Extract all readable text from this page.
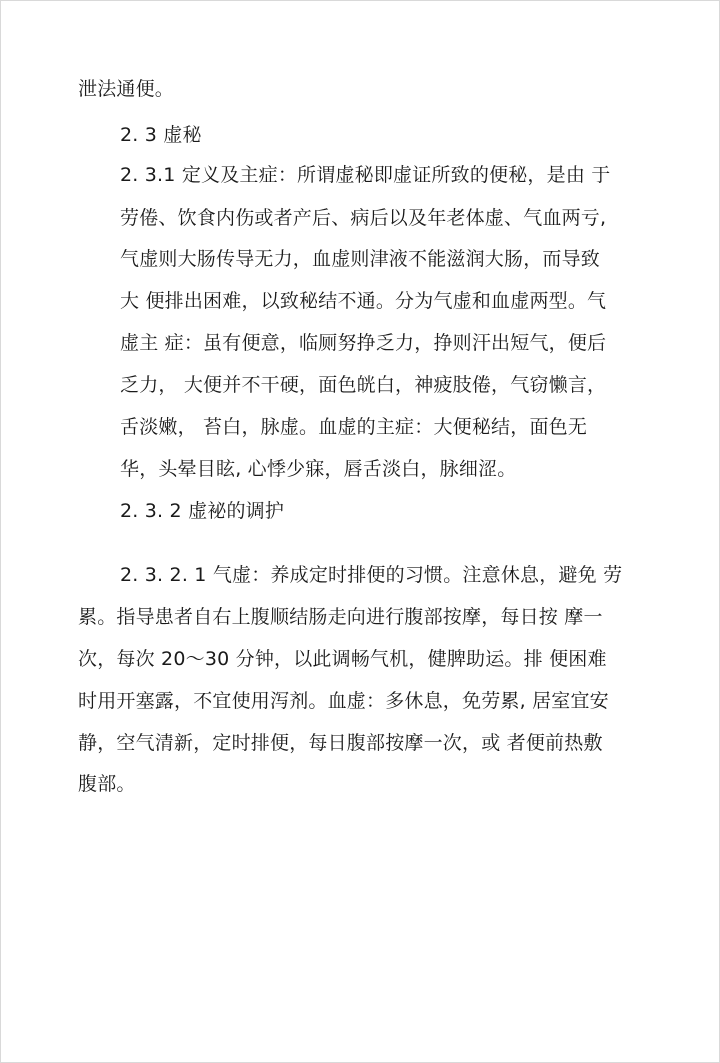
泄法通便。
2. 3 虚秘
2. 3.1 定义及主症：所谓虚秘即虚证所致的便秘，是由 于
劳倦、饮食内伤或者产后、病后以及年老体虚、气血两亏,
气虚则大肠传导无力，血虚则津液不能滋润大肠，而导致
大 便排出困难，以致秘结不通。分为气虚和血虚两型。气
虚主 症：虽有便意，临厕努挣乏力，挣则汗出短气，便后
乏力， 大便并不干硬，面色㿠白，神疲肢倦，气窃懒言，
舌淡嫩， 苔白，脉虚。血虚的主症：大便秘结，面色无
华，头晕目眩, 心悸少寐，唇舌淡白，脉细涩。
2. 3. 2 虚袐的调护
2. 3. 2. 1 气虚：养成定时排便的习惯。注意休息，避免 劳
累。指导患者自右上腹顺结肠走向进行腹部按摩，每日按 摩一
次，每次 20～30 分钟，以此调畅气机，健脾助运。排 便困难
时用开塞露，不宜使用泻剂。血虚：多休息，免劳累, 居室宜安
静，空气清新，定时排便，每日腹部按摩一次，或 者便前热敷
腹部。
